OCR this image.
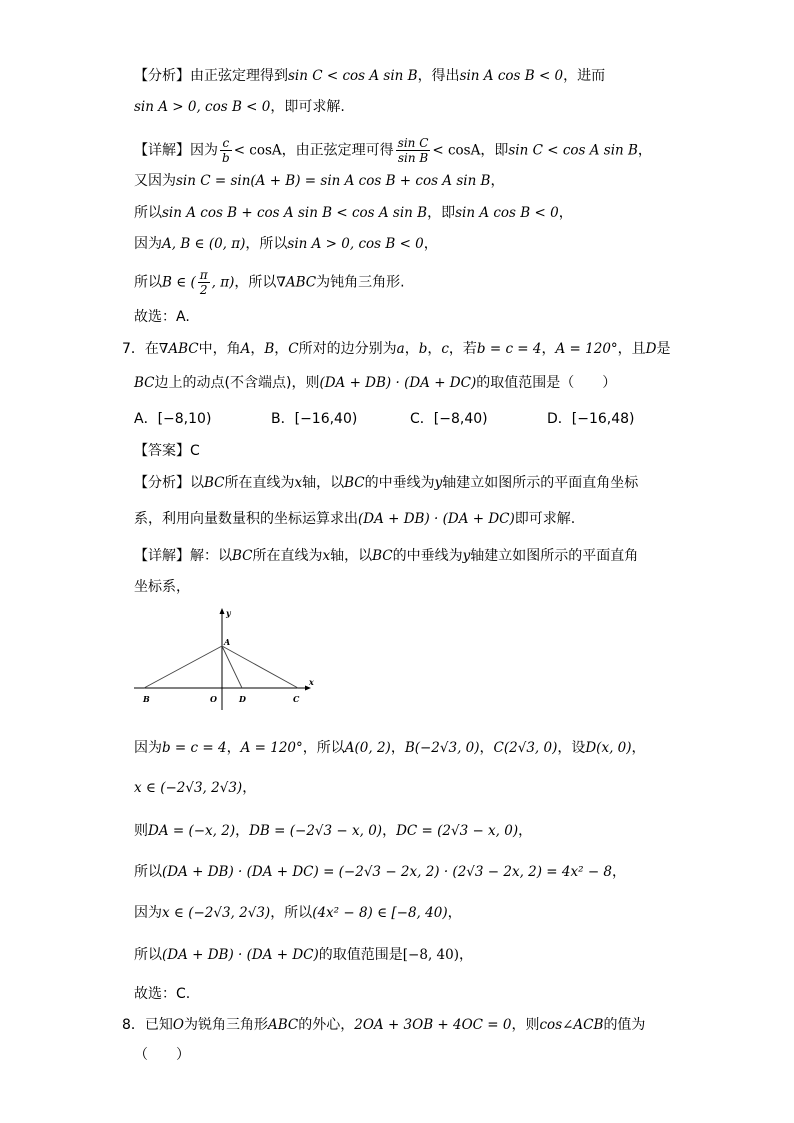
【分析】由正弦定理得到sin C < cos A sin B，得出sin A cos B < 0，进而
sin A > 0, cos B < 0，即可求解.
【详解】因为 $\frac{c}{b} < \cos A$，由正弦定理可得 $\frac{\text{sin C}}{\text{sin B}} < \cos A$，即sin C < cos A sin B，
又因为sin C = sin(A + B) = sin A cos B + cos A sin B，
所以sin A cos B + cos A sin B < cos A sin B，即sin A cos B < 0，
因为A, B ∈ (0, π)，所以sin A > 0, cos B < 0，
所以B ∈ ( $\frac{\pi}{2}$ , π)，所以∇ABC为钝角三角形.
故选：A.
7．在∇ABC中，角A，B，C所对的边分别为a，b，c，若b = c = 4，A = 120°，且D是
BC边上的动点(不含端点)，则(DA + DB) · (DA + DC)的取值范围是（　　）
A．[−8,10)	B．[−16,40)	C．[−8,40)	D．[−16,48)
【答案】C
【分析】以BC所在直线为x轴，以BC的中垂线为y轴建立如图所示的平面直角坐标
系，利用向量数量积的坐标运算求出(DA + DB) · (DA + DC)即可求解.
【详解】解：以BC所在直线为x轴，以BC的中垂线为y轴建立如图所示的平面直角
坐标系，
y
x
A
B	O	D	C
因为b = c = 4，A = 120°，所以A(0, 2)，B(−2√3, 0)，C(2√3, 0)，设D(x, 0)，
x ∈ (−2√3, 2√3)，
则DA = (−x, 2)，DB = (−2√3 − x, 0)，DC = (2√3 − x, 0)，
所以(DA + DB) · (DA + DC) = (−2√3 − 2x, 2) · (2√3 − 2x, 2) = 4x² − 8，
因为x ∈ (−2√3, 2√3)，所以(4x² − 8) ∈ [−8, 40)，
所以(DA + DB) · (DA + DC)的取值范围是[−8, 40)，
故选：C.
8．已知O为锐角三角形ABC的外心，2OA + 3OB + 4OC = 0，则cos∠ACB的值为
（　　）
